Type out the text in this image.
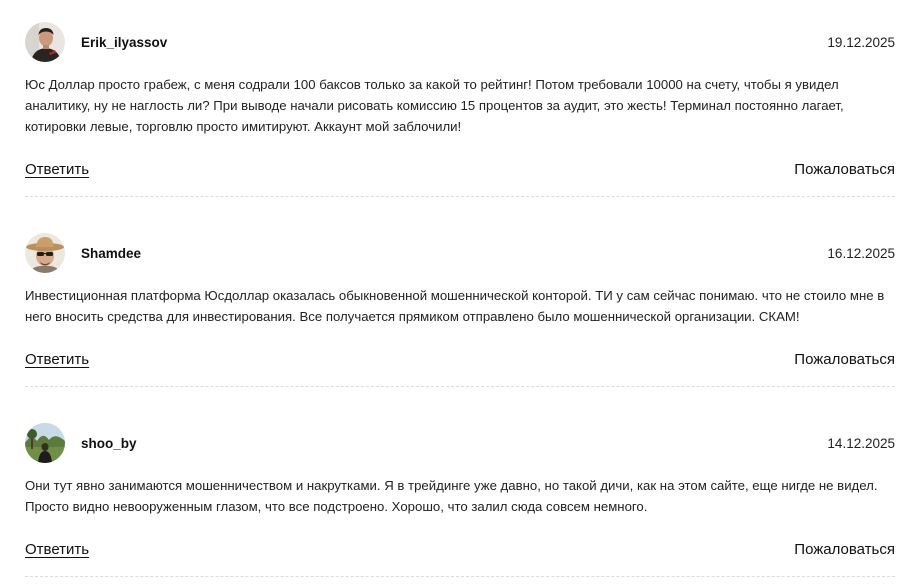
Erik_ilyassov	19.12.2025
Юс Доллар просто грабеж, с меня содрали 100 баксов только за какой то рейтинг! Потом требовали 10000 на счету, чтобы я увидел аналитику, ну не наглость ли? При выводе начали рисовать комиссию 15 процентов за аудит, это жесть! Терминал постоянно лагает, котировки левые, торговлю просто имитируют. Аккаунт мой заблочили!
Ответить	Пожаловаться
Shamdee	16.12.2025
Инвестиционная платформа Юсдоллар оказалась обыкновенной мошеннической конторой. ТИ у сам сейчас понимаю. что не стоило мне в него вносить средства для инвестирования. Все получается прямиком отправлено было мошеннической организации. СКАМ!
Ответить	Пожаловаться
shoo_by	14.12.2025
Они тут явно занимаются мошенничеством и накрутками. Я в трейдинге уже давно, но такой дичи, как на этом сайте, еще нигде не видел. Просто видно невооруженным глазом, что все подстроено. Хорошо, что залил сюда совсем немного.
Ответить	Пожаловаться
